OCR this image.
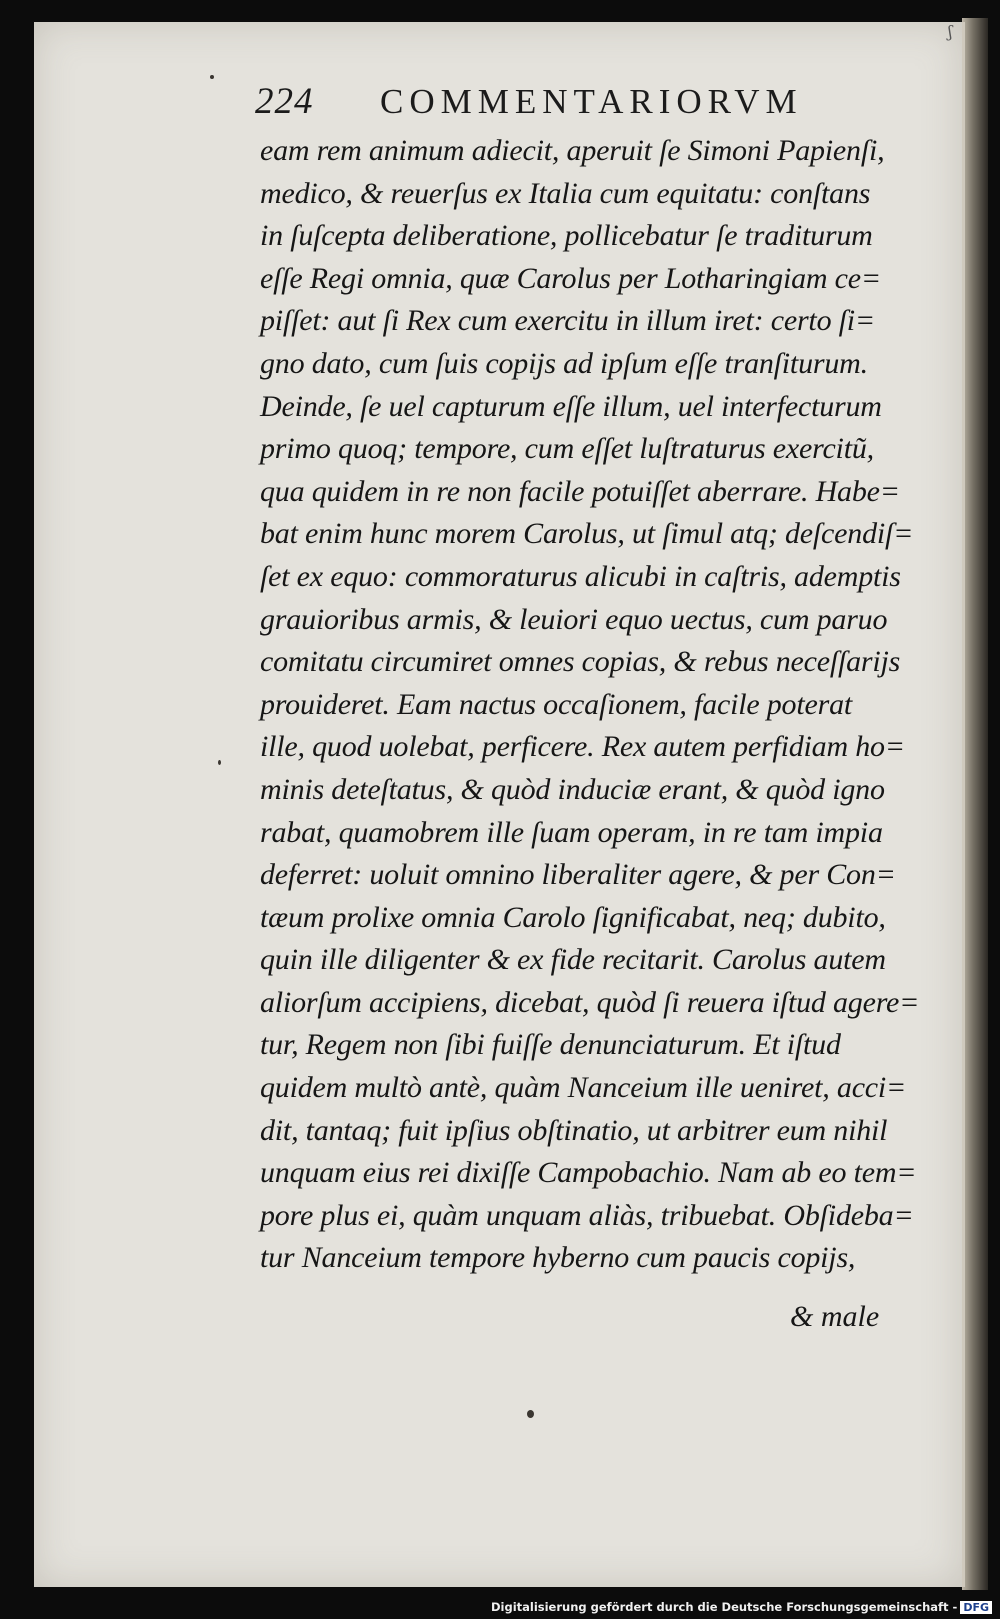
ʃ
224 COMMENTARIORVM
eam rem animum adiecit, aperuit ſe Simoni Papienſi,
medico, & reuerſus ex Italia cum equitatu: conſtans
in ſuſcepta deliberatione, pollicebatur ſe traditurum
eſſe Regi omnia, quæ Carolus per Lotharingiam ce=
piſſet: aut ſi Rex cum exercitu in illum iret: certo ſi=
gno dato, cum ſuis copijs ad ipſum eſſe tranſiturum.
Deinde, ſe uel capturum eſſe illum, uel interfecturum
primo quoq; tempore, cum eſſet luſtraturus exercitũ,
qua quidem in re non facile potuiſſet aberrare. Habe=
bat enim hunc morem Carolus, ut ſimul atq; deſcendiſ=
ſet ex equo: commoraturus alicubi in caſtris, ademptis
grauioribus armis, & leuiori equo uectus, cum paruo
comitatu circumiret omnes copias, & rebus neceſſarijs
prouideret. Eam nactus occaſionem, facile poterat
ille, quod uolebat, perficere. Rex autem perfidiam ho=
minis deteſtatus, & quòd induciæ erant, & quòd igno
rabat, quamobrem ille ſuam operam, in re tam impia
deferret: uoluit omnino liberaliter agere, & per Con=
tæum prolixe omnia Carolo ſignificabat, neq; dubito,
quin ille diligenter & ex fide recitarit. Carolus autem
aliorſum accipiens, dicebat, quòd ſi reuera iſtud agere=
tur, Regem non ſibi fuiſſe denunciaturum. Et iſtud
quidem multò antè, quàm Nanceium ille ueniret, acci=
dit, tantaq; fuit ipſius obſtinatio, ut arbitrer eum nihil
unquam eius rei dixiſſe Campobachio. Nam ab eo tem=
pore plus ei, quàm unquam aliàs, tribuebat. Obſideba=
tur Nanceium tempore hyberno cum paucis copijs,
& male
Digitalisierung gefördert durch die Deutsche Forschungsgemeinschaft - DFG
